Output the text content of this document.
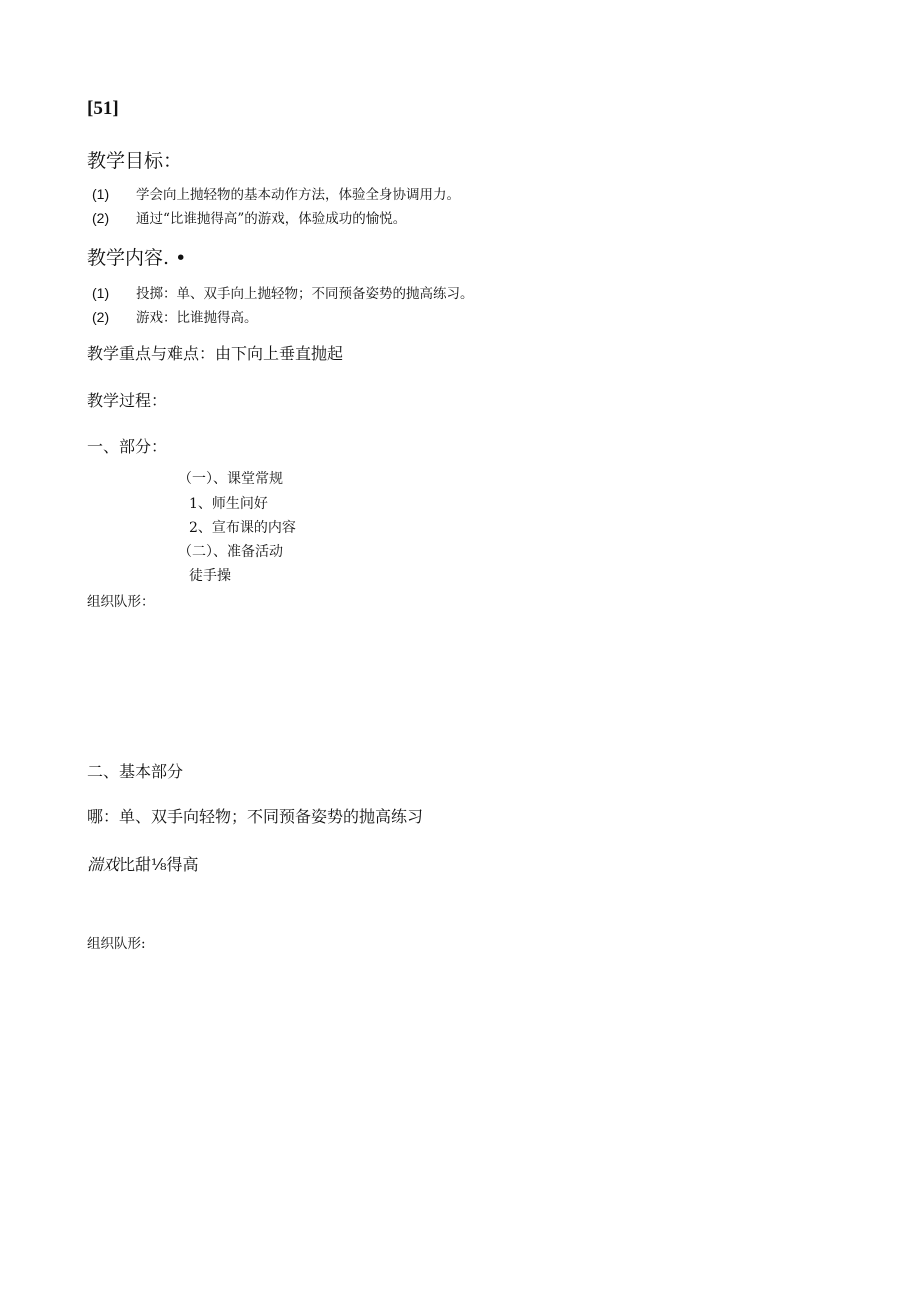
[51]
教学目标：
(1) 学会向上抛轻物的基本动作方法，体验全身协调用力。
(2) 通过“比谁抛得高”的游戏，体验成功的愉悦。
教学内容. •
(1) 投掷：单、双手向上抛轻物；不同预备姿势的抛高练习。
(2) 游戏：比谁抛得高。
教学重点与难点：由下向上垂直抛起
教学过程：
一、部分：
（一）、课堂常规
1、师生问好
2、宣布课的内容
（二）、准备活动
徒手操
组织队形：
二、基本部分
哪：单、双手向轻物；不同预备姿势的抛高练习
湍戏比甜⅛得高
组织队形:
